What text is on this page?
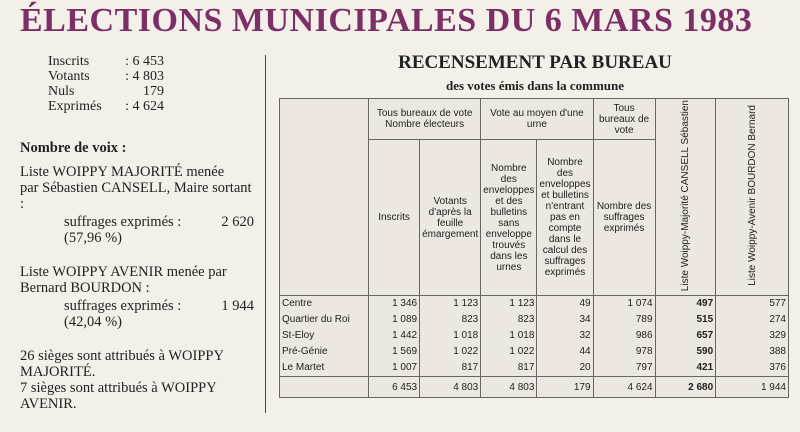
ÉLECTIONS MUNICIPALES DU 6 MARS 1983
Inscrits	: 6 453
Votants	: 4 803
Nuls	179
Exprimés	: 4 624
Nombre de voix :
Liste WOIPPY MAJORITÉ menée
par Sébastien CANSELL, Maire sortant
:
suffrages exprimés :	2 620
(57,96 %)
Liste WOIPPY AVENIR menée par
Bernard BOURDON :
suffrages exprimés :	1 944
(42,04 %)
26 sièges sont attribués à WOIPPY
MAJORITÉ.
7 sièges sont attribués à WOIPPY
AVENIR.
RECENSEMENT PAR BUREAU
des votes émis dans la commune
	Tous bureaux de vote Nombre électeurs		Vote au moyen d'une urne		Tous bureaux de vote	Liste Woippy-Majorité CANSELL Sébastien	Liste Woippy-Avenir BOURDON Bernard
	Inscrits	Votants d'après la feuille émargement	Nombre des enveloppes et des bulletins sans enveloppe trouvés dans les urnes	Nombre des enveloppes et bulletins n'entrant pas en compte dans le calcul des suffrages exprimés	Nombre des suffrages exprimés		
Centre	1 346	1 123	1 123	49	1 074	497	577
Quartier du Roi	1 089	823	823	34	789	515	274
St-Eloy	1 442	1 018	1 018	32	986	657	329
Pré-Génie	1 569	1 022	1 022	44	978	590	388
Le Martet	1 007	817	817	20	797	421	376
	6 453	4 803	4 803	179	4 624	2 680	1 944
